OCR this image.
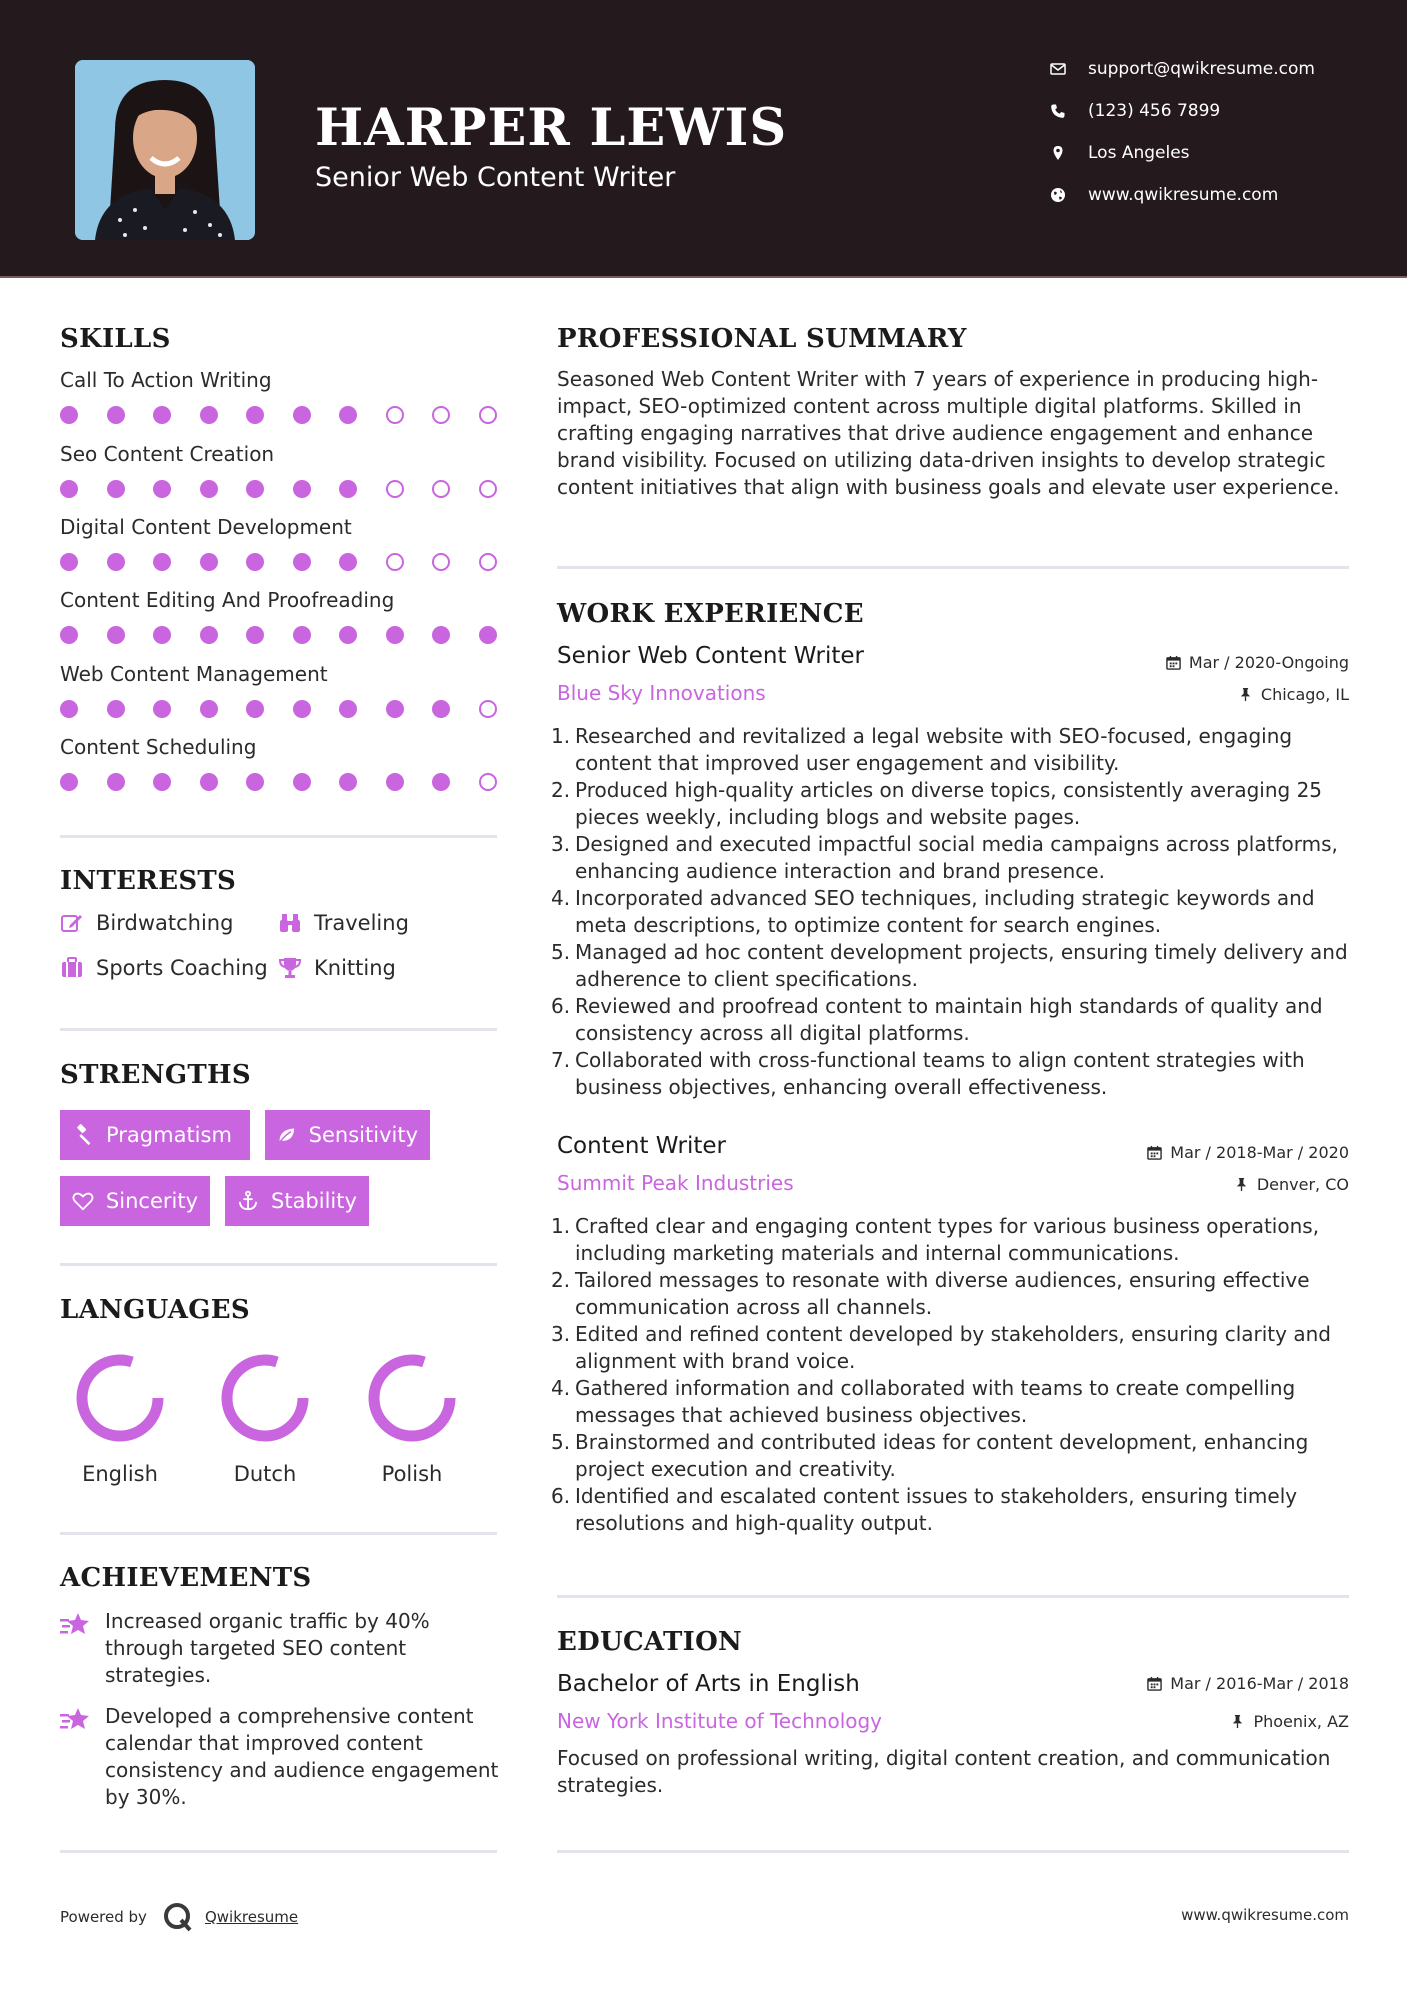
HARPER LEWIS
Senior Web Content Writer
support@qwikresume.com
(123) 456 7899
Los Angeles
www.qwikresume.com
SKILLS
Call To Action Writing
Seo Content Creation
Digital Content Development
Content Editing And Proofreading
Web Content Management
Content Scheduling
INTERESTS
Birdwatching	Traveling
Sports Coaching Knitting
STRENGTHS
Pragmatism	Sensitivity
Sincerity	Stability
LANGUAGES
English	Dutch	Polish
ACHIEVEMENTS
Increased organic traffic by 40% through targeted SEO content strategies.
Developed a comprehensive content calendar that improved content consistency and audience engagement by 30%.
PROFESSIONAL SUMMARY
Seasoned Web Content Writer with 7 years of experience in producing high-impact, SEO-optimized content across multiple digital platforms. Skilled in crafting engaging narratives that drive audience engagement and enhance brand visibility. Focused on utilizing data-driven insights to develop strategic content initiatives that align with business goals and elevate user experience.
WORK EXPERIENCE
Senior Web Content Writer	Mar / 2020-Ongoing
Blue Sky Innovations	Chicago, IL
1. Researched and revitalized a legal website with SEO-focused, engaging content that improved user engagement and visibility.
2. Produced high-quality articles on diverse topics, consistently averaging 25 pieces weekly, including blogs and website pages.
3. Designed and executed impactful social media campaigns across platforms, enhancing audience interaction and brand presence.
4. Incorporated advanced SEO techniques, including strategic keywords and meta descriptions, to optimize content for search engines.
5. Managed ad hoc content development projects, ensuring timely delivery and adherence to client specifications.
6. Reviewed and proofread content to maintain high standards of quality and consistency across all digital platforms.
7. Collaborated with cross-functional teams to align content strategies with business objectives, enhancing overall effectiveness.
Content Writer	Mar / 2018-Mar / 2020
Summit Peak Industries	Denver, CO
1. Crafted clear and engaging content types for various business operations, including marketing materials and internal communications.
2. Tailored messages to resonate with diverse audiences, ensuring effective communication across all channels.
3. Edited and refined content developed by stakeholders, ensuring clarity and alignment with brand voice.
4. Gathered information and collaborated with teams to create compelling messages that achieved business objectives.
5. Brainstormed and contributed ideas for content development, enhancing project execution and creativity.
6. Identified and escalated content issues to stakeholders, ensuring timely resolutions and high-quality output.
EDUCATION
Bachelor of Arts in English	Mar / 2016-Mar / 2018
New York Institute of Technology	Phoenix, AZ
Focused on professional writing, digital content creation, and communication strategies.
Powered by	Qwikresume	www.qwikresume.com
